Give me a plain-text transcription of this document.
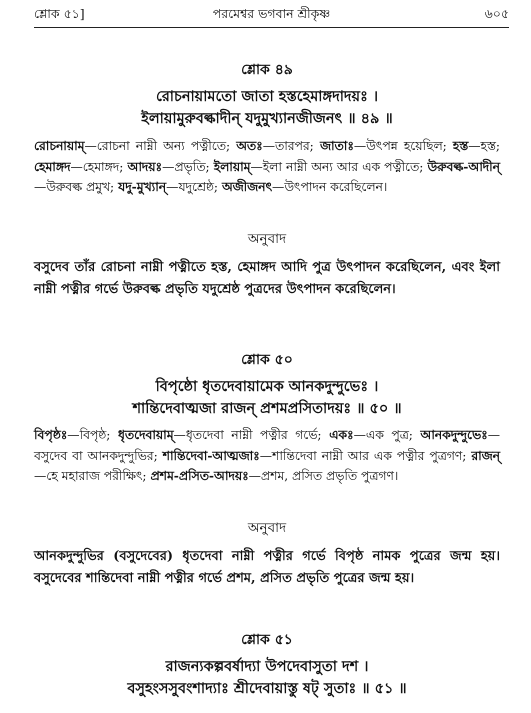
শ্লোক ৫১]	পরমেশ্বর ভগবান শ্রীকৃষ্ণ	৬০৫

শ্লোক ৪৯

রোচনায়ামতো জাতা হস্তহেমাঙ্গদাদয়ঃ ।

ইলায়ামুরুবল্কাদীন্ যদুমুখ্যানজীজনৎ ॥ ৪৯ ॥

রোচনায়াম্—রোচনা নাম্নী অন্য পত্নীতে; অতঃ—তারপর; জাতাঃ—উৎপন্ন হয়েছিল; হস্ত—হস্ত; হেমাঙ্গদ—হেমাঙ্গদ; আদয়ঃ—প্রভৃতি; ইলায়াম্—ইলা নাম্নী অন্য আর এক পত্নীতে; উরুবল্ক-আদীন্—উরুবল্ক প্রমুখ; যদু-মুখ্যান্—যদুশ্রেষ্ঠ; অজীজনৎ—উৎপাদন করেছিলেন।

অনুবাদ

বসুদেব তাঁর রোচনা নাম্নী পত্নীতে হস্ত, হেমাঙ্গদ আদি পুত্র উৎপাদন করেছিলেন, এবং ইলা নাম্নী পত্নীর গর্ভে উরুবল্ক প্রভৃতি যদুশ্রেষ্ঠ পুত্রদের উৎপাদন করেছিলেন।

শ্লোক ৫০

বিপৃষ্ঠো ধৃতদেবায়ামেক আনকদুন্দুভেঃ ।

শান্তিদেবাত্মজা রাজন্ প্রশমপ্রসিতাদয়ঃ ॥ ৫০ ॥

বিপৃষ্ঠঃ—বিপৃষ্ঠ; ধৃতদেবায়াম্—ধৃতদেবা নাম্নী পত্নীর গর্ভে; একঃ—এক পুত্র; আনকদুন্দুভেঃ—বসুদেব বা আনকদুন্দুভির; শান্তিদেবা-আত্মজাঃ—শান্তিদেবা নাম্নী আর এক পত্নীর পুত্রগণ; রাজন্—হে মহারাজ পরীক্ষিৎ; প্রশম-প্রসিত-আদয়ঃ—প্রশম, প্রসিত প্রভৃতি পুত্রগণ।

অনুবাদ

আনকদুন্দুভির (বসুদেবের) ধৃতদেবা নাম্নী পত্নীর গর্ভে বিপৃষ্ঠ নামক পুত্রের জন্ম হয়। বসুদেবের শান্তিদেবা নাম্নী পত্নীর গর্ভে প্রশম, প্রসিত প্রভৃতি পুত্রের জন্ম হয়।

শ্লোক ৫১

রাজন্যকল্পবর্ষাদ্যা উপদেবাসুতা দশ ।

বসুহংসসুবংশাদ্যাঃ শ্রীদেবায়াস্তু ষট্ সুতাঃ ॥ ৫১ ॥
